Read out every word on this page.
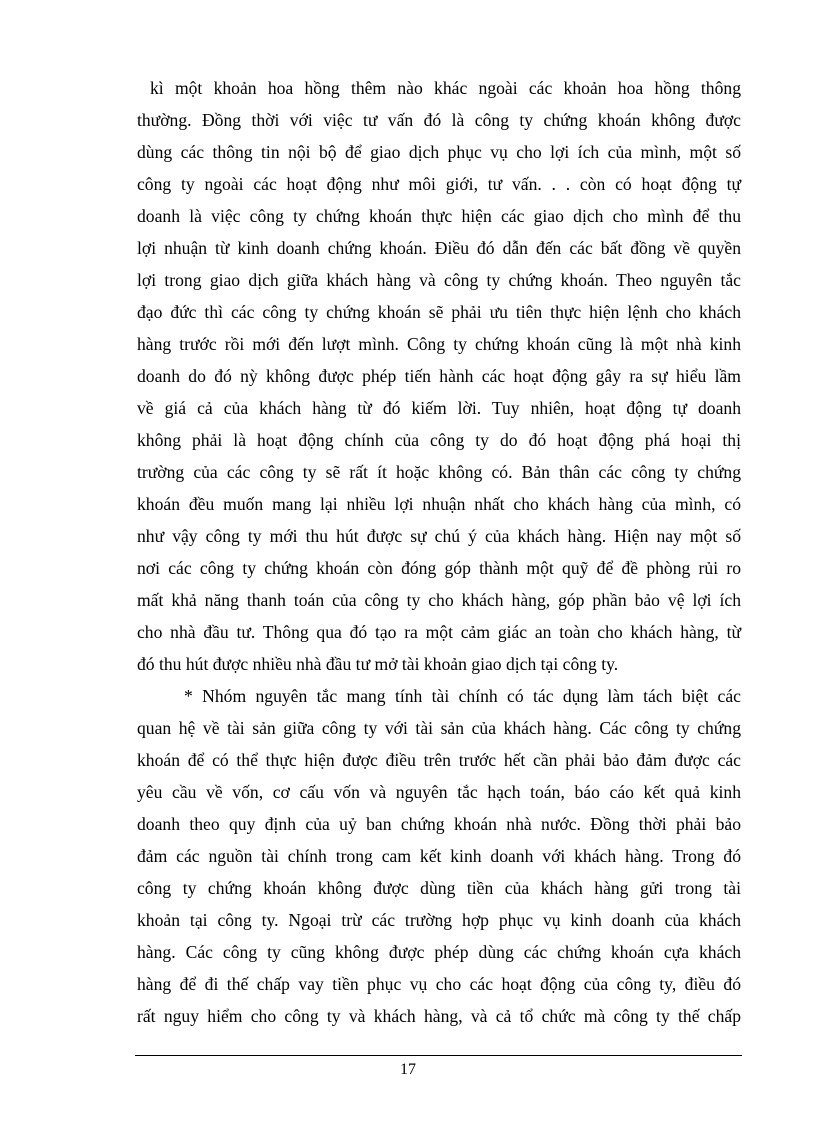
kì một khoản hoa hồng thêm nào khác ngoài các khoản hoa hồng thông
thường. Đồng thời với việc tư vấn đó là công ty chứng khoán không được
dùng các thông tin nội bộ để giao dịch phục vụ cho lợi ích của mình, một số
công ty ngoài các hoạt động như môi giới, tư vấn. . . còn có hoạt động tự
doanh là việc công ty chứng khoán thực hiện các giao dịch cho mình để thu
lợi nhuận từ kinh doanh chứng khoán. Điều đó dẫn đến các bất đồng về quyền
lợi trong giao dịch giữa khách hàng và công ty chứng khoán. Theo nguyên tắc
đạo đức thì các công ty chứng khoán sẽ phải ưu tiên thực hiện lệnh cho khách
hàng trước rồi mới đến lượt mình. Công ty chứng khoán cũng là một nhà kinh
doanh do đó nỳ không được phép tiến hành các hoạt động gây ra sự hiểu lầm
về giá cả của khách hàng từ đó kiếm lời. Tuy nhiên, hoạt động tự doanh
không phải là hoạt động chính của công ty do đó hoạt động phá hoại thị
trường của các công ty sẽ rất ít hoặc không có. Bản thân các công ty chứng
khoán đều muốn mang lại nhiều lợi nhuận nhất cho khách hàng của mình, có
như vậy công ty mới thu hút được sự chú ý của khách hàng. Hiện nay một số
nơi các công ty chứng khoán còn đóng góp thành một quỹ để đề phòng rủi ro
mất khả năng thanh toán của công ty cho khách hàng, góp phần bảo vệ lợi ích
cho nhà đầu tư. Thông qua đó tạo ra một cảm giác an toàn cho khách hàng, từ
đó thu hút được nhiều nhà đầu tư mở tài khoản giao dịch tại công ty.
* Nhóm nguyên tắc mang tính tài chính có tác dụng làm tách biệt các
quan hệ về tài sản giữa công ty với tài sản của khách hàng. Các công ty chứng
khoán để có thể thực hiện được điều trên trước hết cần phải bảo đảm được các
yêu cầu về vốn, cơ cấu vốn và nguyên tắc hạch toán, báo cáo kết quả kinh
doanh theo quy định của uỷ ban chứng khoán nhà nước. Đồng thời phải bảo
đảm các nguồn tài chính trong cam kết kinh doanh với khách hàng. Trong đó
công ty chứng khoán không được dùng tiền của khách hàng gửi trong tài
khoản tại công ty. Ngoại trừ các trường hợp phục vụ kinh doanh của khách
hàng. Các công ty cũng không được phép dùng các chứng khoán cựa khách
hàng để đi thế chấp vay tiền phục vụ cho các hoạt động của công ty, điều đó
rất nguy hiểm cho công ty và khách hàng, và cả tổ chức mà công ty thế chấp
17
